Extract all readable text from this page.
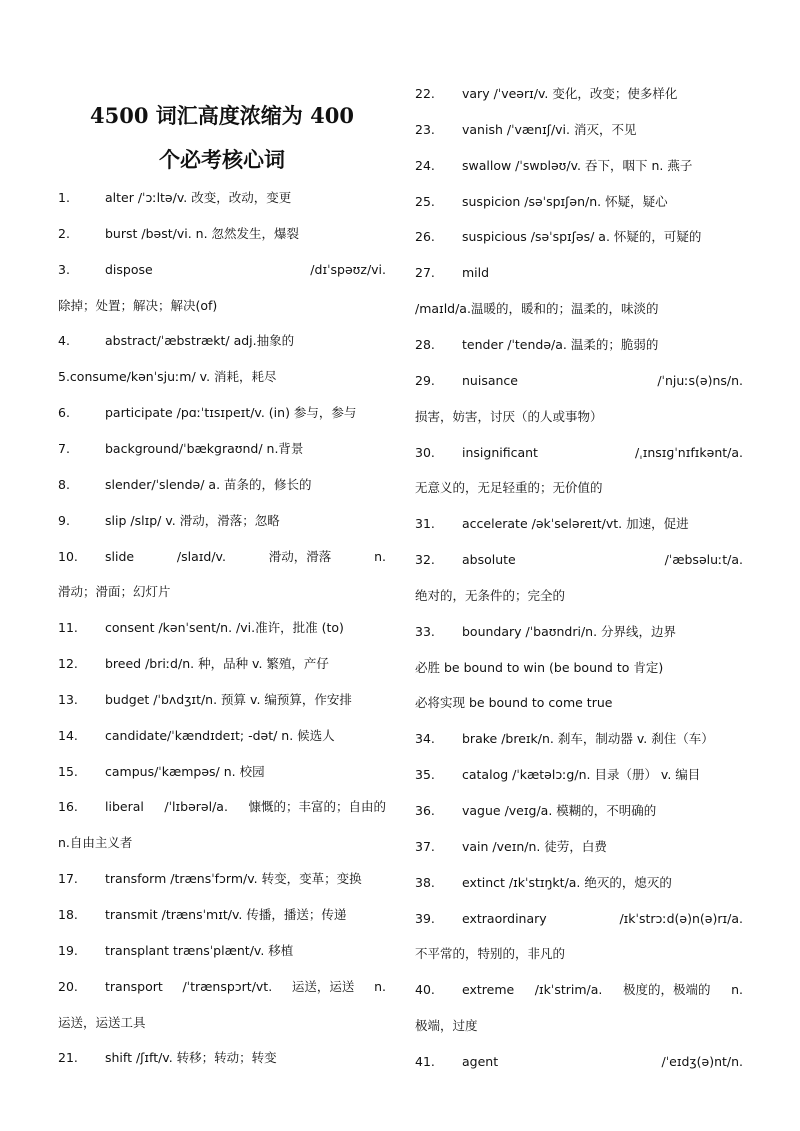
4500 词汇高度浓缩为 400
个必考核心词
1.	alter /ˈɔːltə/v. 改变，改动，变更
2.	burst /bəst/vi. n. 忽然发生，爆裂
3.	dispose	/dɪˈspəʊz/vi.
除掉；处置；解决；解决(of)
4.	abstract/ˈæbstrækt/ adj.抽象的
5.consume/kənˈsjuːm/ v. 消耗，耗尽
6.	participate /pɑːˈtɪsɪpeɪt/v. (in) 参与，参与
7.	background/ˈbækɡraʊnd/ n.背景
8.	slender/ˈslendə/ a. 苗条的，修长的
9.	slip /slɪp/ v. 滑动，滑落；忽略
10. slide	/slaɪd/v.	滑动，滑落	n.
滑动；滑面；幻灯片
11. consent /kənˈsent/n. /vi.准许，批准 (to)
12. breed /briːd/n. 种，品种 v. 繁殖，产仔
13. budget /ˈbʌdʒɪt/n. 预算 v. 编预算，作安排
14. candidate/ˈkændɪdeɪt; -dət/ n. 候选人
15. campus/ˈkæmpəs/ n. 校园
16. liberal /ˈlɪbərəl/a. 慷慨的；丰富的；自由的
n.自由主义者
17. transform /trænsˈfɔrm/v. 转变，变革；变换
18. transmit /trænsˈmɪt/v. 传播，播送；传递
19. transplant trænsˈplænt/v. 移植
20. transport /ˈtrænspɔrt/vt. 运送，运送 n.
运送，运送工具
21. shift /ʃɪft/v. 转移；转动；转变
22. vary /ˈveərɪ/v. 变化，改变；使多样化
23. vanish /ˈvænɪʃ/vi. 消灭，不见
24. swallow /ˈswɒləʊ/v. 吞下，咽下 n. 燕子
25. suspicion /səˈspɪʃən/n. 怀疑，疑心
26. suspicious /səˈspɪʃəs/ a. 怀疑的，可疑的
27. mild
/maɪld/a.温暖的，暖和的；温柔的，味淡的
28. tender /ˈtendə/a. 温柔的；脆弱的
29. nuisance	/ˈnjuːs(ə)ns/n.
损害，妨害，讨厌（的人或事物）
30. insignificant	/ˌɪnsɪɡˈnɪfɪkənt/a.
无意义的，无足轻重的；无价值的
31. accelerate /əkˈseləreɪt/vt. 加速，促进
32. absolute	/ˈæbsəluːt/a.
绝对的，无条件的；完全的
33. boundary /ˈbaʊndri/n. 分界线，边界
必胜 be bound to win (be bound to 肯定)
必将实现 be bound to come true
34. brake /breɪk/n. 刹车，制动器 v. 刹住（车）
35. catalog /ˈkætəlɔːg/n. 目录（册） v. 编目
36. vague /veɪg/a. 模糊的，不明确的
37. vain /veɪn/n. 徒劳，白费
38. extinct /ɪkˈstɪŋkt/a. 绝灭的，熄灭的
39. extraordinary	/ɪkˈstrɔːd(ə)n(ə)rɪ/a.
不平常的，特别的，非凡的
40. extreme /ɪkˈstrim/a. 极度的，极端的 n.
极端，过度
41. agent	/ˈeɪdʒ(ə)nt/n.
